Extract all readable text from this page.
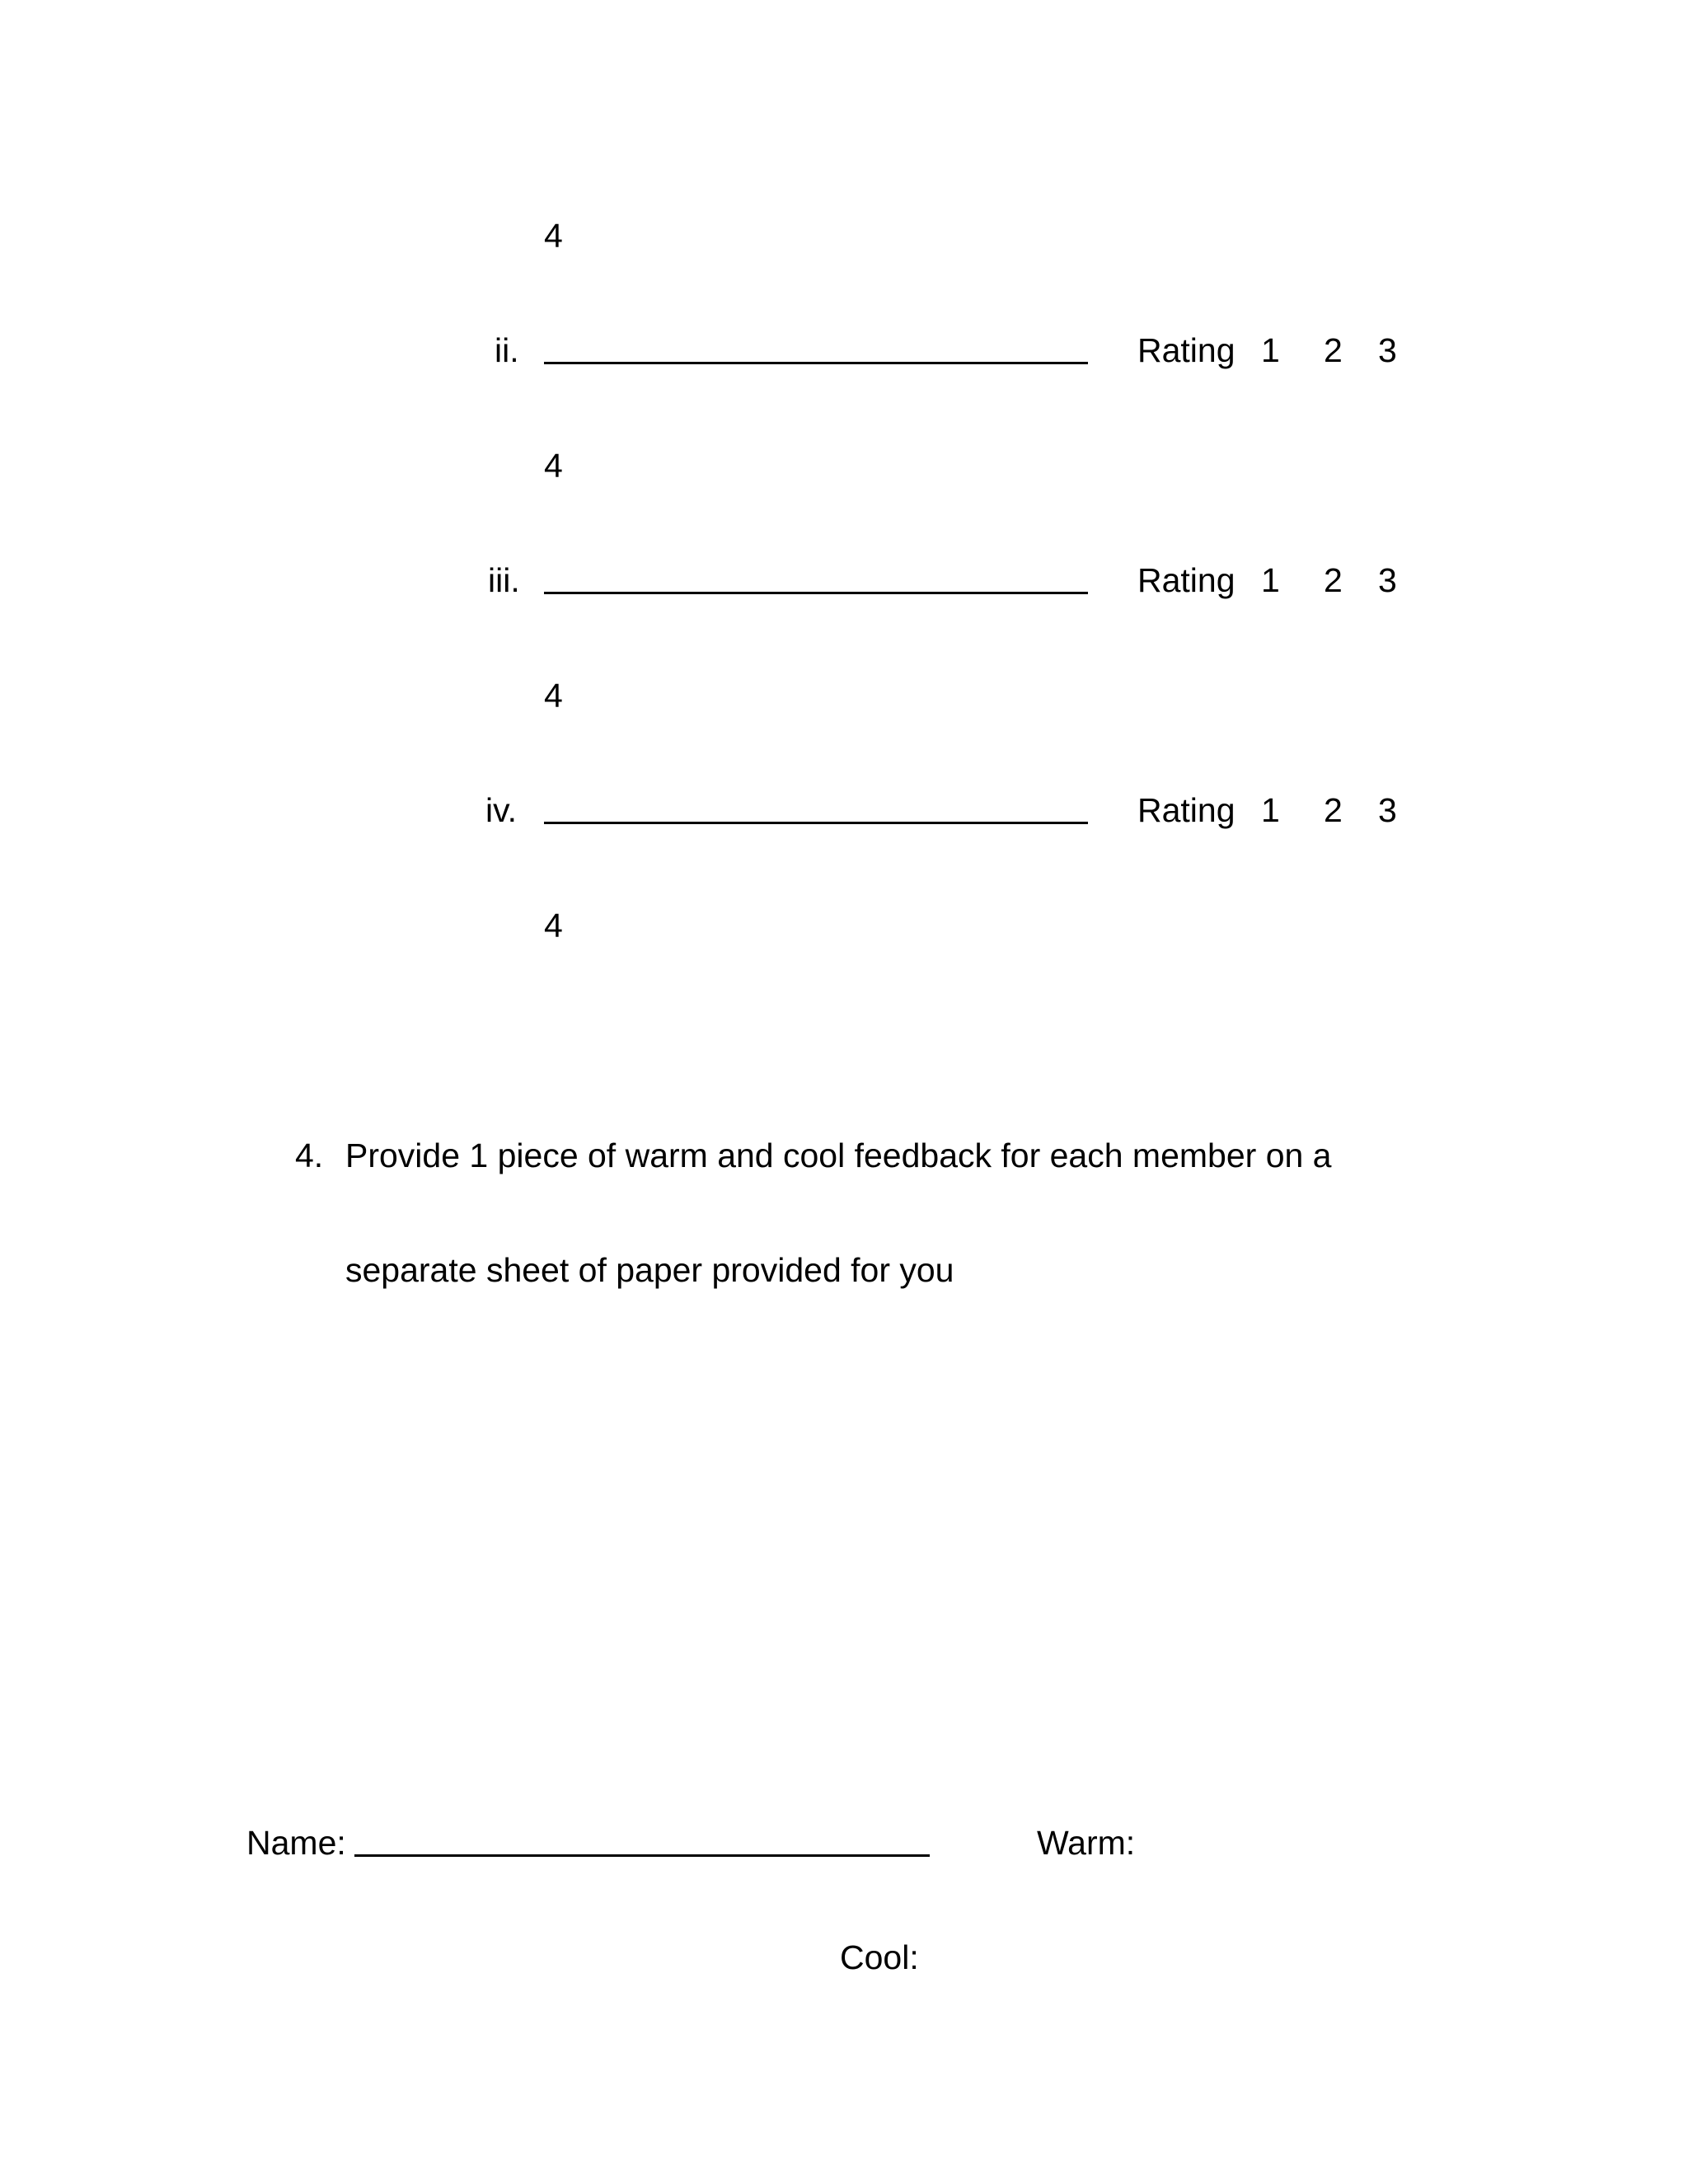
4
ii.	Rating 1 2 3
4
iii.	Rating 1 2 3
4
iv.	Rating 1 2 3
4
4. Provide 1 piece of warm and cool feedback for each member on a
separate sheet of paper provided for you
Name:	Warm:
Cool:
